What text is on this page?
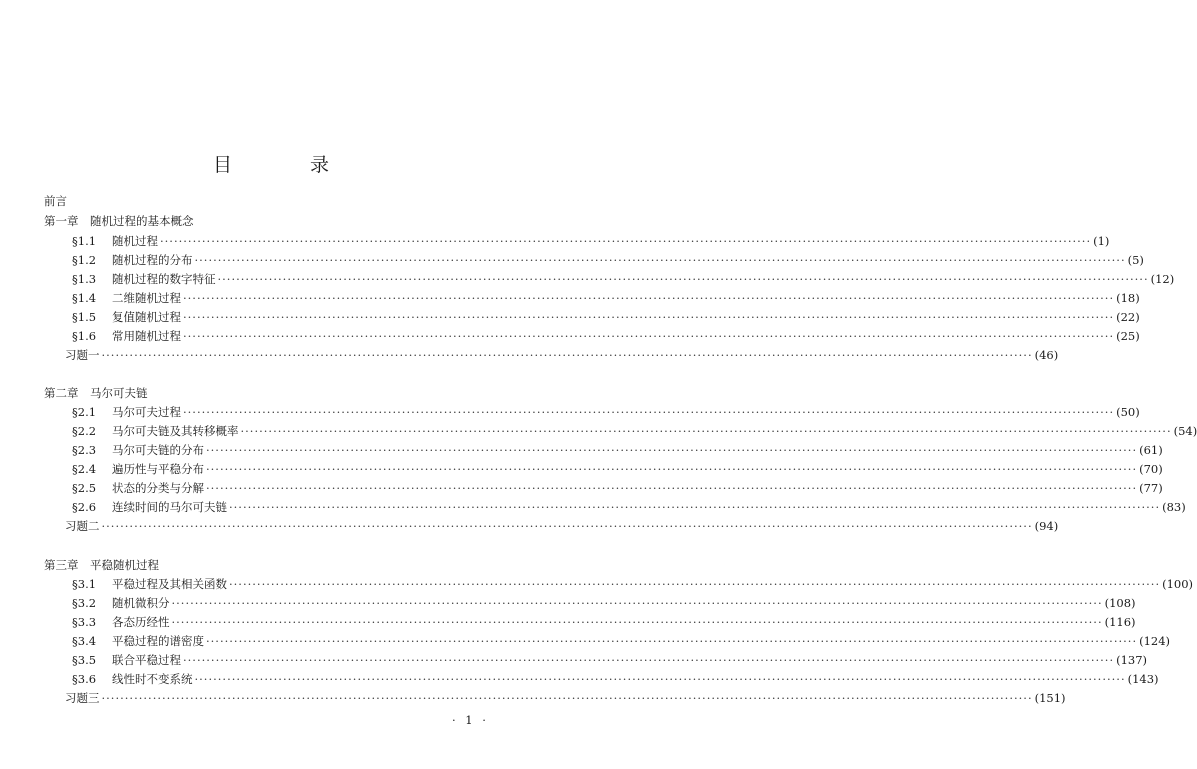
目 录
前言
第一章　随机过程的基本概念
§1.1	随机过程 ········································································································································································································ (1)
§1.2	随机过程的分布 ········································································································································································································ (5)
§1.3	随机过程的数字特征 ········································································································································································································ (12)
§1.4	二维随机过程 ········································································································································································································ (18)
§1.5	复值随机过程 ········································································································································································································ (22)
§1.6	常用随机过程 ········································································································································································································ (25)
习题一 ········································································································································································································ (46)
第二章　马尔可夫链
§2.1	马尔可夫过程 ········································································································································································································ (50)
§2.2	马尔可夫链及其转移概率 ········································································································································································································ (54)
§2.3	马尔可夫链的分布 ········································································································································································································ (61)
§2.4	遍历性与平稳分布 ········································································································································································································ (70)
§2.5	状态的分类与分解 ········································································································································································································ (77)
§2.6	连续时间的马尔可夫链 ········································································································································································································ (83)
习题二 ········································································································································································································ (94)
第三章　平稳随机过程
§3.1	平稳过程及其相关函数 ········································································································································································································ (100)
§3.2	随机微积分 ········································································································································································································ (108)
§3.3	各态历经性 ········································································································································································································ (116)
§3.4	平稳过程的谱密度 ········································································································································································································ (124)
§3.5	联合平稳过程 ········································································································································································································ (137)
§3.6	线性时不变系统 ········································································································································································································ (143)
习题三 ········································································································································································································ (151)
· 1 ·
